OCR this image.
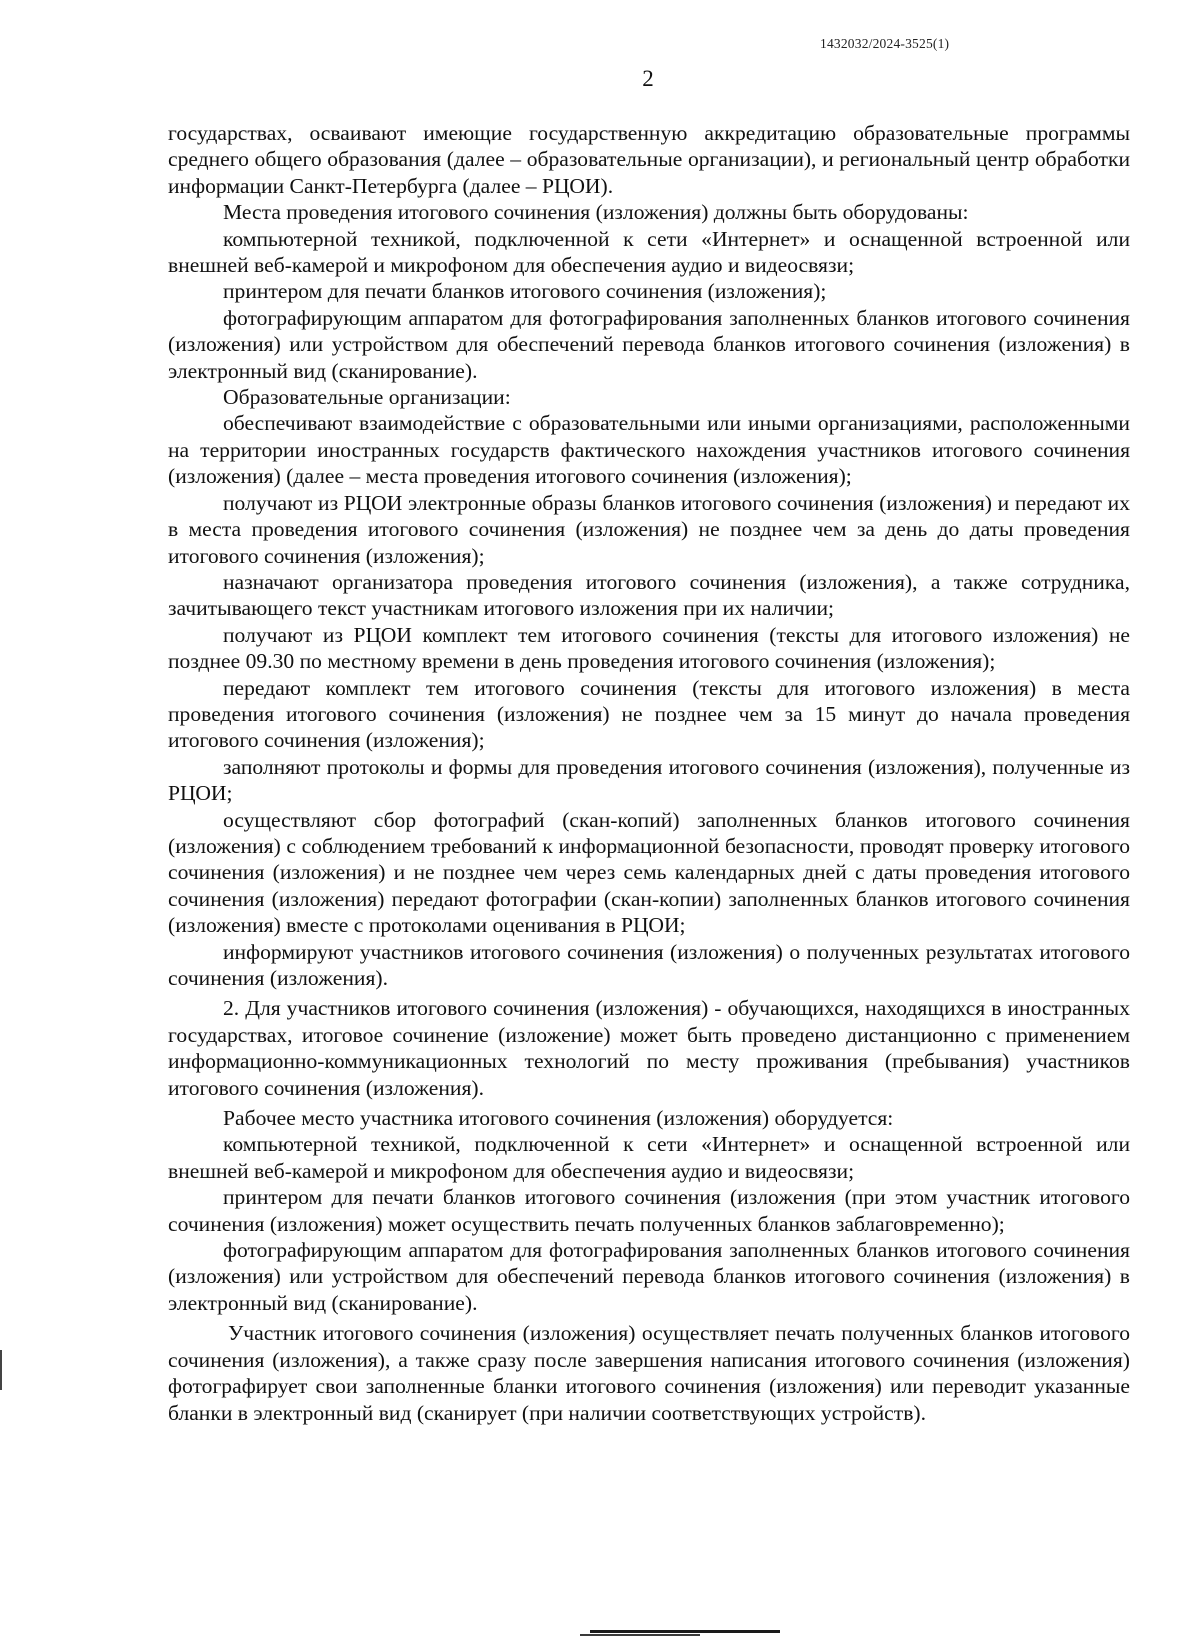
1432032/2024-3525(1)
2

государствах, осваивают имеющие государственную аккредитацию образовательные программы среднего общего образования (далее – образовательные организации), и региональный центр обработки информации Санкт-Петербурга (далее – РЦОИ).

Места проведения итогового сочинения (изложения) должны быть оборудованы:

компьютерной техникой, подключенной к сети «Интернет» и оснащенной встроенной или внешней веб-камерой и микрофоном для обеспечения аудио и видеосвязи;

принтером для печати бланков итогового сочинения (изложения);

фотографирующим аппаратом для фотографирования заполненных бланков итогового сочинения (изложения) или устройством для обеспечений перевода бланков итогового сочинения (изложения) в электронный вид (сканирование).

Образовательные организации:

обеспечивают взаимодействие с образовательными или иными организациями, расположенными на территории иностранных государств фактического нахождения участников итогового сочинения (изложения) (далее – места проведения итогового сочинения (изложения);

получают из РЦОИ электронные образы бланков итогового сочинения (изложения) и передают их в места проведения итогового сочинения (изложения) не позднее чем за день до даты проведения итогового сочинения (изложения);

назначают организатора проведения итогового сочинения (изложения), а также сотрудника, зачитывающего текст участникам итогового изложения при их наличии;

получают из РЦОИ комплект тем итогового сочинения (тексты для итогового изложения) не позднее 09.30 по местному времени в день проведения итогового сочинения (изложения);

передают комплект тем итогового сочинения (тексты для итогового изложения) в места проведения итогового сочинения (изложения) не позднее чем за 15 минут до начала проведения итогового сочинения (изложения);

заполняют протоколы и формы для проведения итогового сочинения (изложения), полученные из РЦОИ;

осуществляют сбор фотографий (скан-копий) заполненных бланков итогового сочинения (изложения) с соблюдением требований к информационной безопасности, проводят проверку итогового сочинения (изложения) и не позднее чем через семь календарных дней с даты проведения итогового сочинения (изложения) передают фотографии (скан-копии) заполненных бланков итогового сочинения (изложения) вместе с протоколами оценивания в РЦОИ;

информируют участников итогового сочинения (изложения) о полученных результатах итогового сочинения (изложения).

2. Для участников итогового сочинения (изложения) - обучающихся, находящихся в иностранных государствах, итоговое сочинение (изложение) может быть проведено дистанционно с применением информационно-коммуникационных технологий по месту проживания (пребывания) участников итогового сочинения (изложения).

Рабочее место участника итогового сочинения (изложения) оборудуется:

компьютерной техникой, подключенной к сети «Интернет» и оснащенной встроенной или внешней веб-камерой и микрофоном для обеспечения аудио и видеосвязи;

принтером для печати бланков итогового сочинения (изложения (при этом участник итогового сочинения (изложения) может осуществить печать полученных бланков заблаговременно);

фотографирующим аппаратом для фотографирования заполненных бланков итогового сочинения (изложения) или устройством для обеспечений перевода бланков итогового сочинения (изложения) в электронный вид (сканирование).

Участник итогового сочинения (изложения) осуществляет печать полученных бланков итогового сочинения (изложения), а также сразу после завершения написания итогового сочинения (изложения) фотографирует свои заполненные бланки итогового сочинения (изложения) или переводит указанные бланки в электронный вид (сканирует (при наличии соответствующих устройств).
